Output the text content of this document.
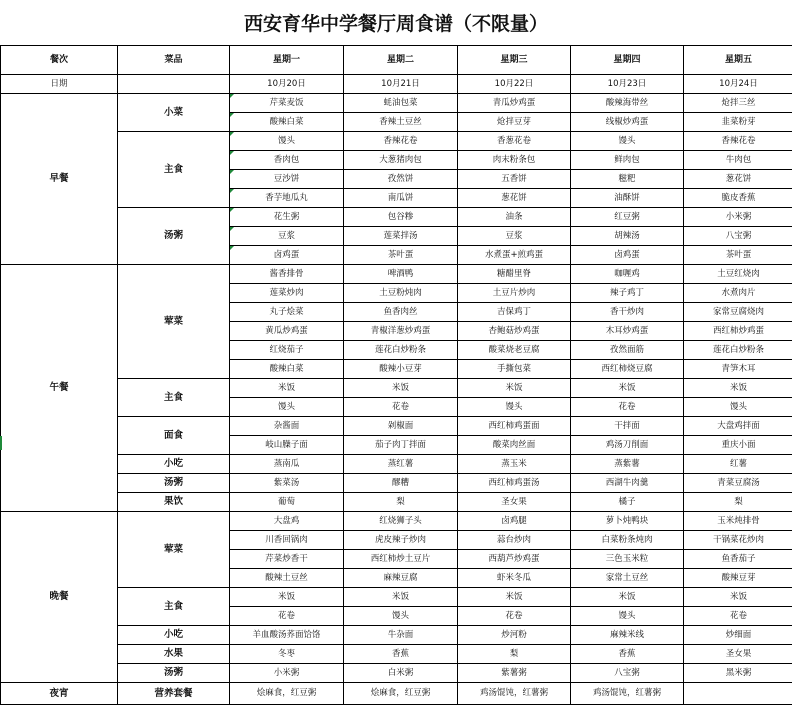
西安育华中学餐厅周食谱（不限量）
餐次	菜品	星期一	星期二	星期三	星期四	星期五
日期		10月20日	10月21日	10月22日	10月23日	10月24日
早餐	小菜	芹菜麦饭	蚝油包菜	青瓜炒鸡蛋	酸辣海带丝	炝拌三丝
		酸辣白菜	香辣土豆丝	炝拌豆芽	线椒炒鸡蛋	韭菜粉芽
	主食	馒头	香辣花卷	香葱花卷	馒头	香辣花卷
		香肉包	大葱猪肉包	肉末粉条包	鲜肉包	牛肉包
		豆沙饼	孜然饼	五香饼	糍粑	葱花饼
		香芋地瓜丸	南瓜饼	葱花饼	油酥饼	脆皮香蕉
	汤粥	花生粥	包谷糁	油条	红豆粥	小米粥
		豆浆	莲菜拌汤	豆浆	胡辣汤	八宝粥
		卤鸡蛋	茶叶蛋	水煮蛋+煎鸡蛋	卤鸡蛋	茶叶蛋
午餐	荤菜	酱香排骨	啤酒鸭	糖醋里脊	咖喱鸡	土豆红烧肉
		莲菜炒肉	土豆粉炖肉	土豆片炒肉	辣子鸡丁	水煮肉片
		丸子烩菜	鱼香肉丝	吉保鸡丁	香干炒肉	家常豆腐烧肉
		黄瓜炒鸡蛋	青椒洋葱炒鸡蛋	杏鲍菇炒鸡蛋	木耳炒鸡蛋	西红柿炒鸡蛋
		红烧茄子	莲花白炒粉条	酸菜烧老豆腐	孜然面筋	莲花白炒粉条
		酸辣白菜	酸辣小豆芽	手撕包菜	西红柿烧豆腐	青笋木耳
	主食	米饭	米饭	米饭	米饭	米饭
		馒头	花卷	馒头	花卷	馒头
	面食	杂酱面	剁椒面	西红柿鸡蛋面	干拌面	大盘鸡拌面
		岐山臊子面	茄子肉丁拌面	酸菜肉丝面	鸡汤刀削面	重庆小面
	小吃	蒸南瓜	蒸红薯	蒸玉米	蒸紫薯	红薯
	汤粥	紫菜汤	醪糟	西红柿鸡蛋汤	西湖牛肉羹	青菜豆腐汤
	果饮	葡萄	梨	圣女果	橘子	梨
晚餐	荤菜	大盘鸡	红烧狮子头	卤鸡腿	萝卜炖鸭块	玉米炖排骨
		川香回锅肉	虎皮辣子炒肉	蒜台炒肉	白菜粉条炖肉	干锅菜花炒肉
		芹菜炒香干	西红柿炒土豆片	西葫芦炒鸡蛋	三色玉米粒	鱼香茄子
		酸辣土豆丝	麻辣豆腐	虾米冬瓜	家常土豆丝	酸辣豆芽
	主食	米饭	米饭	米饭	米饭	米饭
		花卷	馒头	花卷	馒头	花卷
	小吃	羊血酸汤荞面饸饹	牛杂面	炒河粉	麻辣米线	炒细面
	水果	冬枣	香蕉	梨	香蕉	圣女果
	汤粥	小米粥	白米粥	紫薯粥	八宝粥	黑米粥
夜宵	营养套餐	烩麻食，红豆粥	烩麻食，红豆粥	鸡汤馄饨，红薯粥	鸡汤馄饨，红薯粥	
